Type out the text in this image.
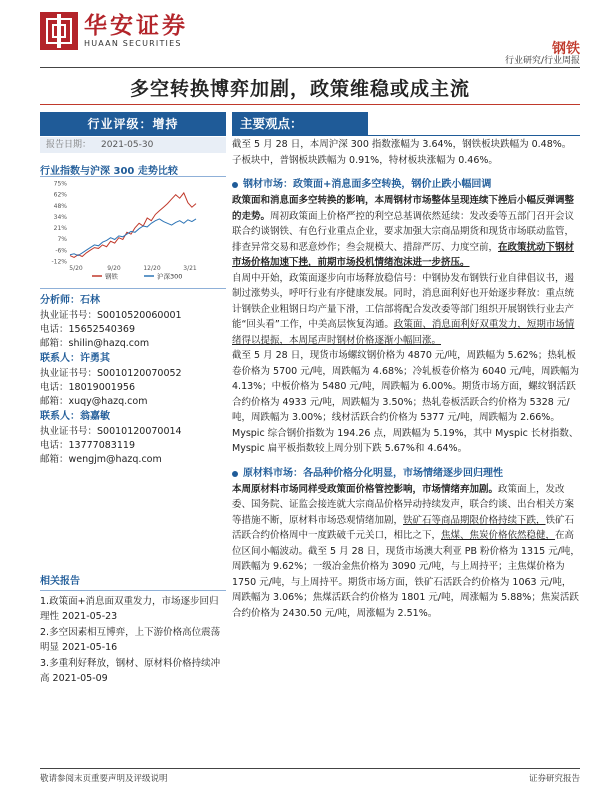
华安证券
HUAAN SECURITIES	钢铁
行业研究/行业周报
多空转换博弈加剧，政策维稳或成主流
行业评级：增持
报告日期： 2021-05-30
行业指数与沪深 300 走势比较
75%
62%
48%
34%
21%
7%
-6%
-12%
5/20	9/20	12/20	3/21
钢铁	沪深300
分析师：石林
执业证书号：S0010520060001
电话：15652540369
邮箱：shilin@hazq.com
联系人：许勇其
执业证书号：S0010120070052
电话：18019001956
邮箱：xuqy@hazq.com
联系人：翁嘉敏
执业证书号：S0010120070014
电话：13777083119
邮箱：wengjm@hazq.com
相关报告
1.政策面+消息面双重发力，市场逐步回归理性 2021-05-23
2.多空因素相互博弈，上下游价格高位震荡明显 2021-05-16
3.多重利好释放，钢材、原材料价格持续冲高 2021-05-09
主要观点：
截至 5 月 28 日，本周沪深 300 指数涨幅为 3.64%，钢铁板块跌幅为 0.48%。子板块中，普钢板块跌幅为 0.91%，特材板块涨幅为 0.46%。
钢材市场：政策面+消息面多空转换，钢价止跌小幅回调
政策面和消息面多空转换的影响，本周钢材市场整体呈现连续下挫后小幅反弹调整的走势。周初政策面上价格严控的利空总基调依然延续：发改委等五部门召开会议联合约谈钢铁、有色行业重点企业，要求加强大宗商品期货和现货市场联动监管，排查异常交易和恶意炒作；叁会规模大、措辞严厉、力度空前，在政策扰动下钢材市场价格加速下挫，前期市场投机情绪泡沫进一步挤压。
自周中开始，政策面逐步向市场释放稳信号：中钢协发布钢铁行业自律倡议书，遏制过涨势头，呼吁行业有序健康发展。同时，消息面利好也开始逐步释放：重点统计钢铁企业粗钢日均产量下滑，工信部将配合发改委等部门组织开展钢铁行业去产能“回头看”工作，中美高层恢复沟通。政策面、消息面利好双重发力，短期市场情绪得以提振，本周尾声时钢材价格逐渐小幅回涨。
截至 5 月 28 日，现货市场螺纹钢价格为 4870 元/吨，周跌幅为 5.62%；热轧板卷价格为 5700 元/吨，周跌幅为 4.68%；冷轧板卷价格为 6040 元/吨，周跌幅为 4.13%；中板价格为 5480 元/吨，周跌幅为 6.00%。期货市场方面，螺纹钢活跃合约价格为 4933 元/吨，周跌幅为 3.50%；热轧卷板活跃合约价格为 5328 元/吨，周跌幅为 3.00%；线材活跃合约价格为 5377 元/吨，周跌幅为 2.66%。Myspic 综合钢价指数为 194.26 点，周跌幅为 5.19%，其中 Myspic 长材指数、Myspic 扁平板指数较上周分别下跌 5.67%和 4.64%。
原材料市场：各品种价格分化明显，市场情绪逐步回归理性
本周原材料市场同样受政策面价格管控影响，市场情绪弃加剧。政策面上，发改委、国务院、证监会接连就大宗商品价格异动持续发声，联合约谈、出台相关方案等措施不断，原材料市场恐观情绪加剧，铁矿石等商品期限价格持续下跌，铁矿石活跃合约价格周中一度跌破千元关口，相比之下，焦煤、焦炭价格依然稳健，在高位区间小幅波动。截至 5 月 28 日，现货市场澳大利亚 PB 粉价格为 1315 元/吨，周跌幅为 9.62%；一级冶金焦价格为 3090 元/吨，与上周持平；主焦煤价格为 1750 元/吨，与上周持平。期货市场方面，铁矿石活跃合约价格为 1063 元/吨，周跌幅为 3.06%；焦煤活跃合约价格为 1801 元/吨，周涨幅为 5.88%；焦炭活跃合约价格为 2430.50 元/吨，周涨幅为 2.51%。
敬请参阅末页重要声明及评级说明	证券研究报告
